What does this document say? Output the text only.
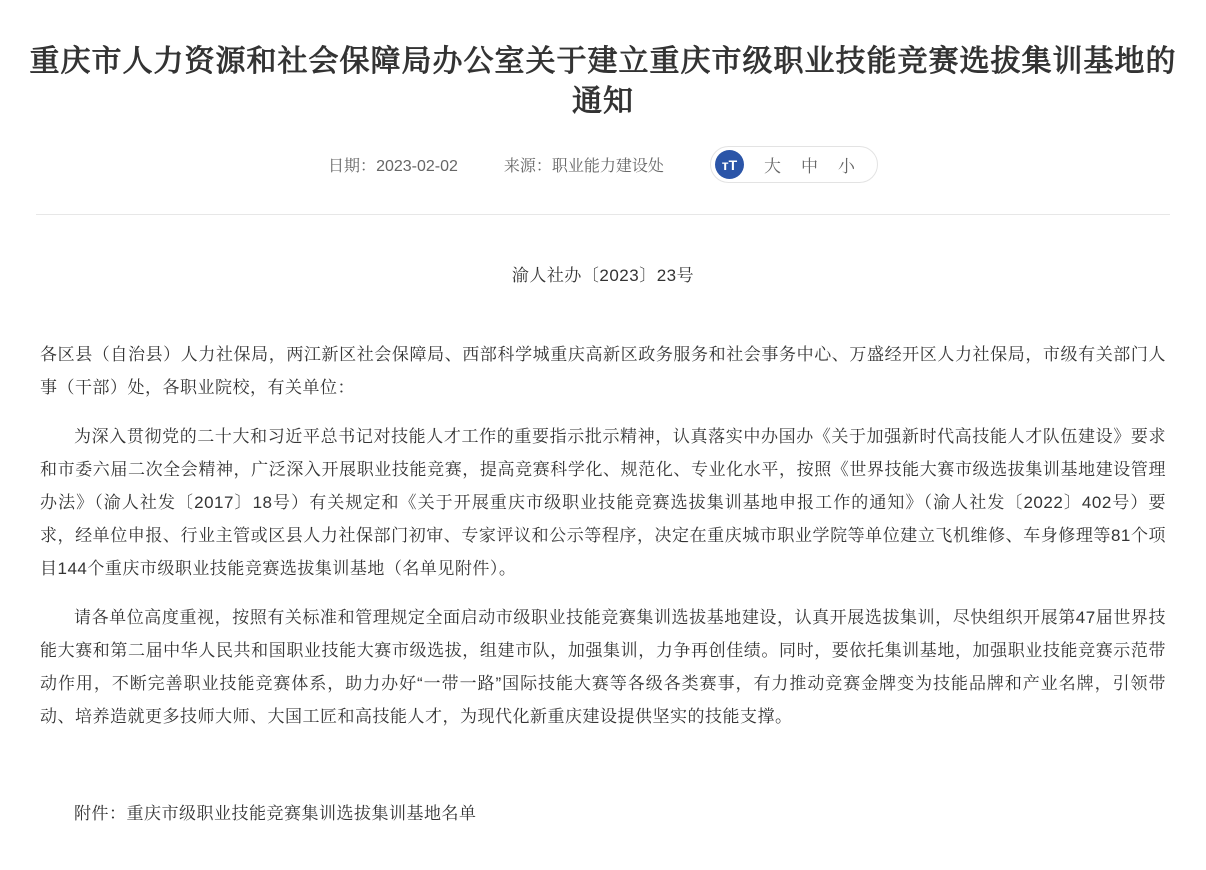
重庆市人力资源和社会保障局办公室关于建立重庆市级职业技能竞赛选拔集训基地的通知
日期：2023-02-02	来源：职业能力建设处	тT	大 中 小
渝人社办〔2023〕23号

各区县（自治县）人力社保局，两江新区社会保障局、西部科学城重庆高新区政务服务和社会事务中心、万盛经开区人力社保局，市级有关部门人事（干部）处，各职业院校，有关单位：

为深入贯彻党的二十大和习近平总书记对技能人才工作的重要指示批示精神，认真落实中办国办《关于加强新时代高技能人才队伍建设》要求和市委六届二次全会精神，广泛深入开展职业技能竞赛，提高竞赛科学化、规范化、专业化水平，按照《世界技能大赛市级选拔集训基地建设管理办法》（渝人社发〔2017〕18号）有关规定和《关于开展重庆市级职业技能竞赛选拔集训基地申报工作的通知》（渝人社发〔2022〕402号）要求，经单位申报、行业主管或区县人力社保部门初审、专家评议和公示等程序，决定在重庆城市职业学院等单位建立飞机维修、车身修理等81个项目144个重庆市级职业技能竞赛选拔集训基地（名单见附件）。

请各单位高度重视，按照有关标准和管理规定全面启动市级职业技能竞赛集训选拔基地建设，认真开展选拔集训，尽快组织开展第47届世界技能大赛和第二届中华人民共和国职业技能大赛市级选拔，组建市队，加强集训，力争再创佳绩。同时，要依托集训基地，加强职业技能竞赛示范带动作用，不断完善职业技能竞赛体系，助力办好“一带一路”国际技能大赛等各级各类赛事，有力推动竞赛金牌变为技能品牌和产业名牌，引领带动、培养造就更多技师大师、大国工匠和高技能人才，为现代化新重庆建设提供坚实的技能支撑。

附件：重庆市级职业技能竞赛集训选拔集训基地名单
